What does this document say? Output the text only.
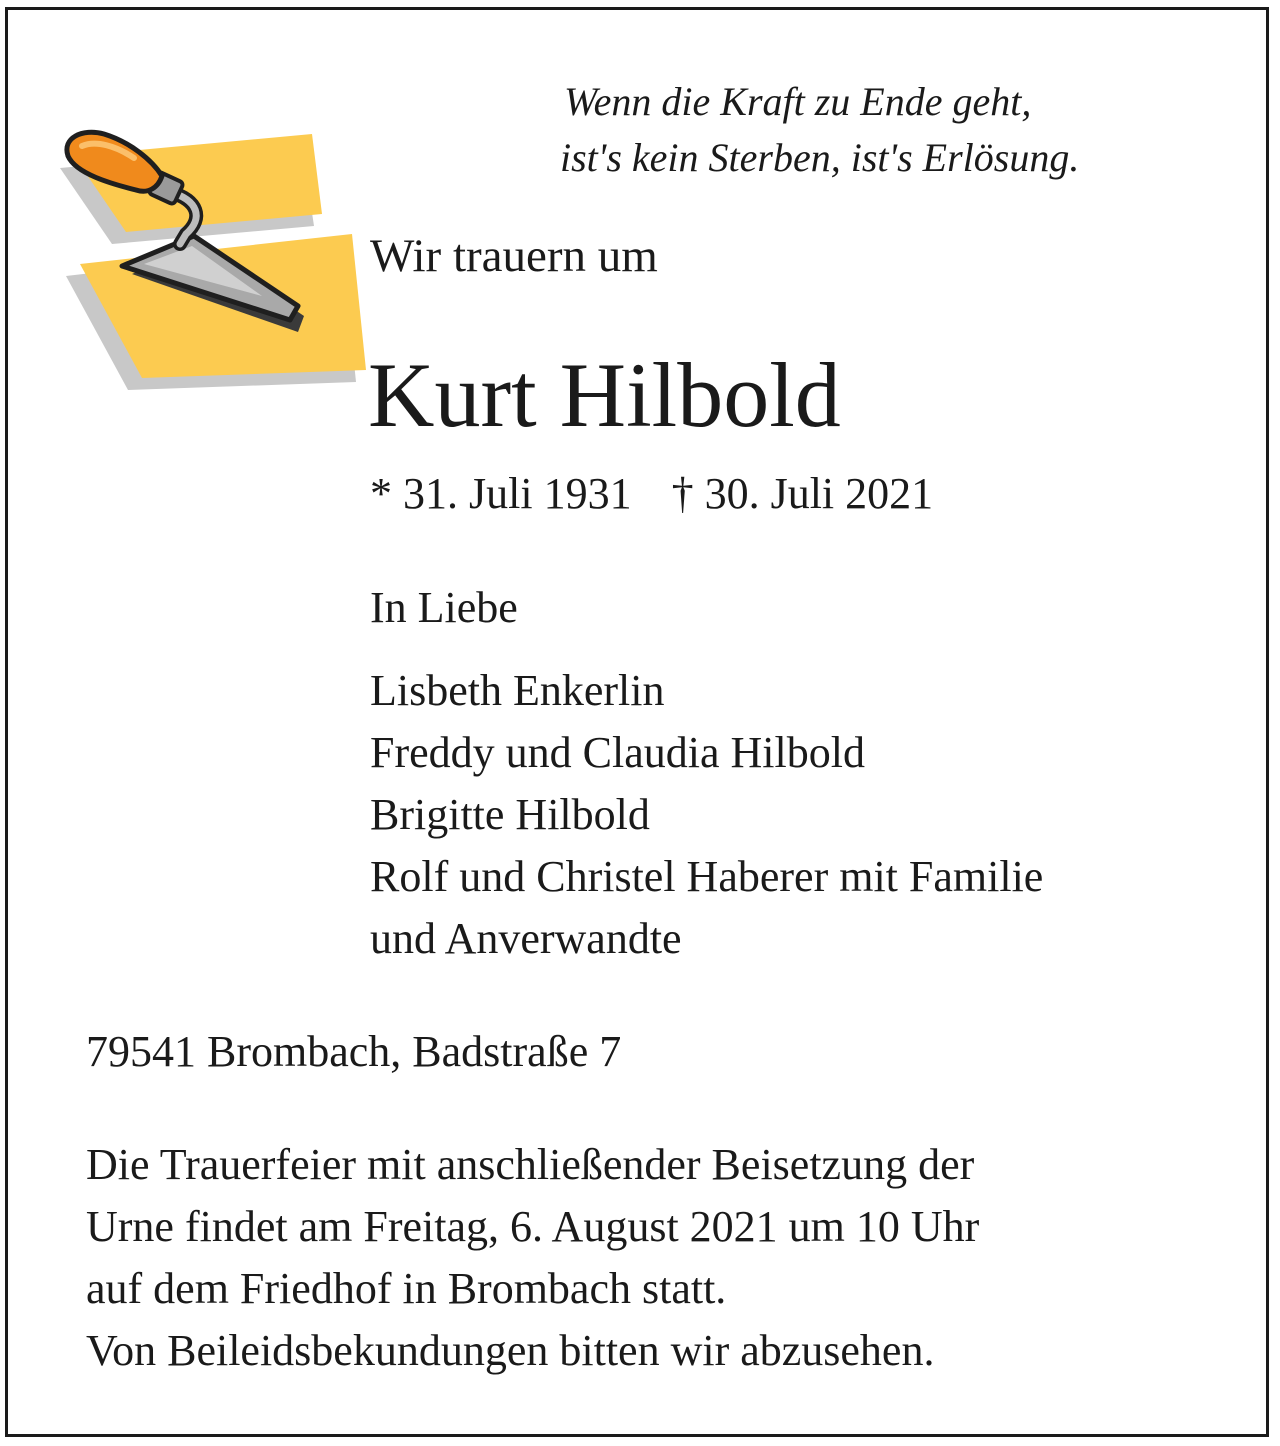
Wenn die Kraft zu Ende geht,
ist's kein Sterben, ist's Erlösung.
Wir trauern um
Kurt Hilbold
* 31. Juli 1931 † 30. Juli 2021
In Liebe
Lisbeth Enkerlin
Freddy und Claudia Hilbold
Brigitte Hilbold
Rolf und Christel Haberer mit Familie
und Anverwandte
79541 Brombach, Badstraße 7
Die Trauerfeier mit anschließender Beisetzung der
Urne findet am Freitag, 6. August 2021 um 10 Uhr
auf dem Friedhof in Brombach statt.
Von Beileidsbekundungen bitten wir abzusehen.
